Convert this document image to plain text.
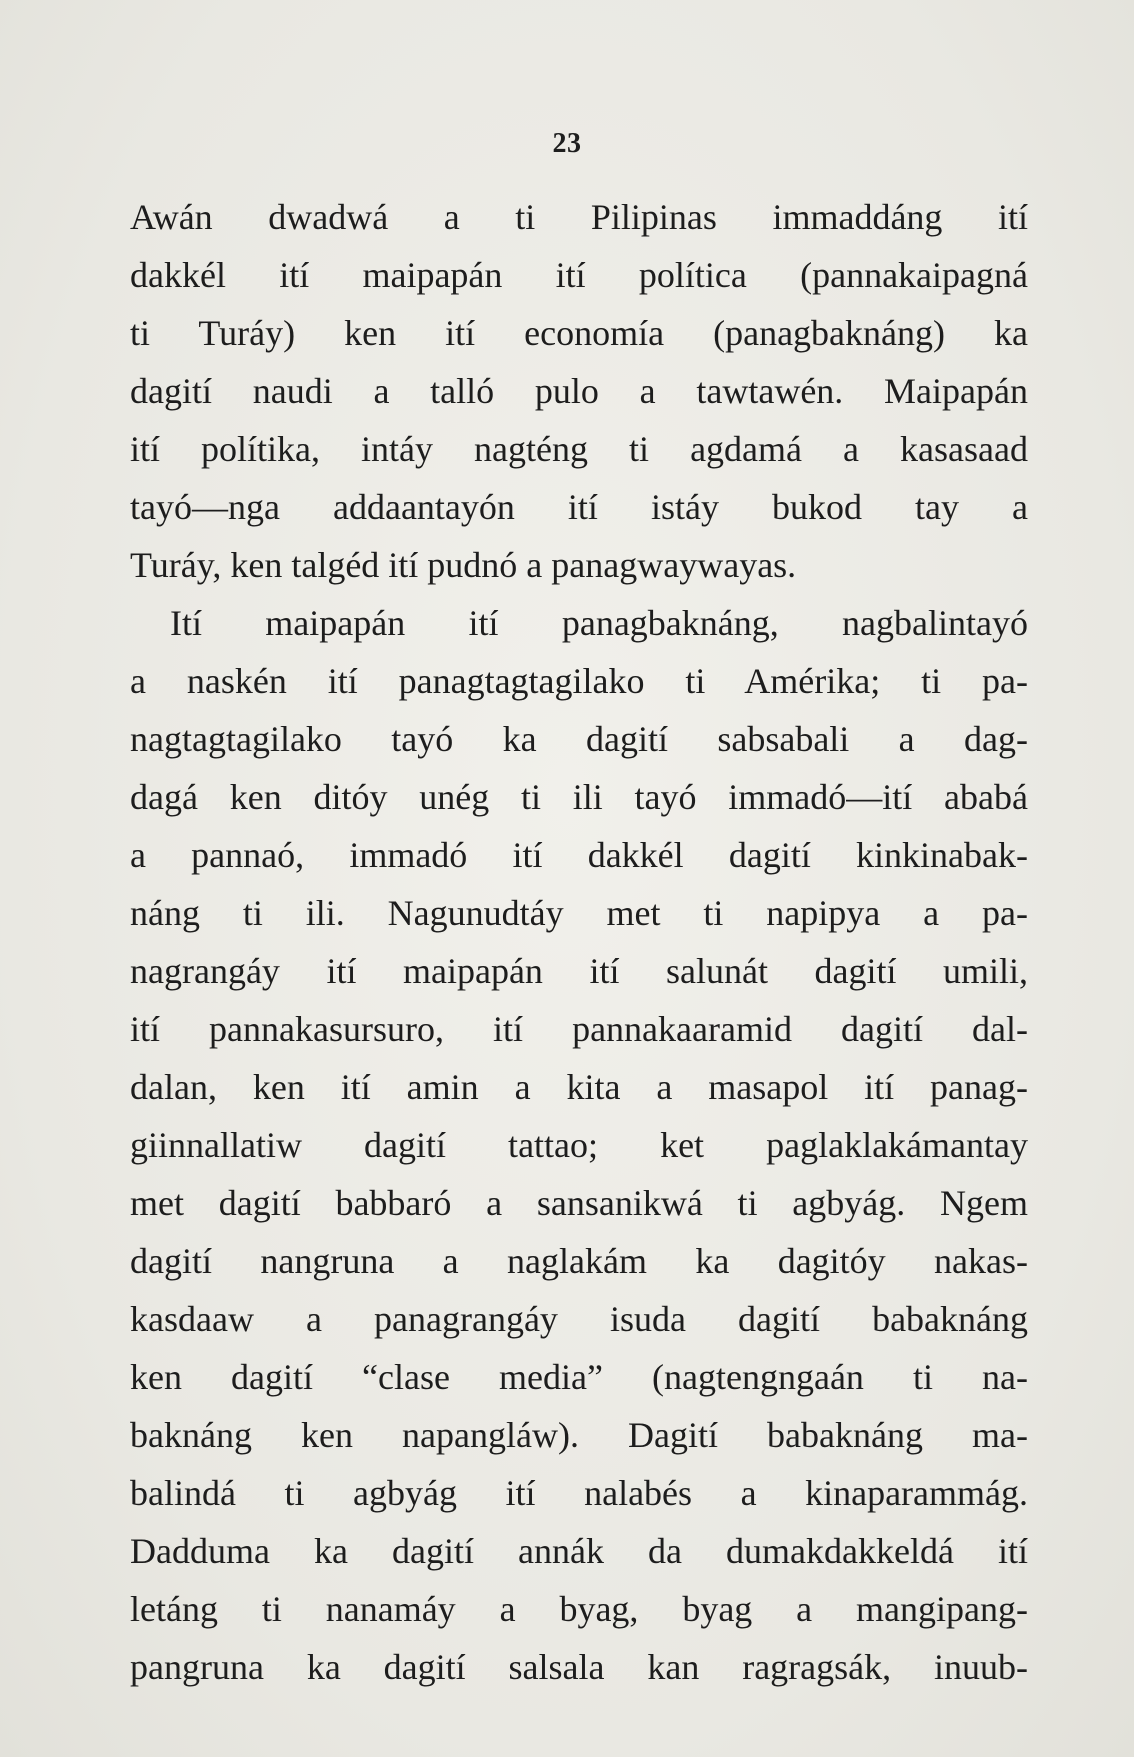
23
Awán dwadwá a ti Pilipinas immaddáng ití
dakkél ití maipapán ití política (pannakaipagná
ti Turáy) ken ití economía (panagbaknáng) ka
dagití naudi a talló pulo a tawtawén. Maipapán
ití polítika, intáy nagténg ti agdamá a kasasaad
tayó—nga addaantayón ití istáy bukod tay a
Turáy, ken talgéd ití pudnó a panagwaywayas.
Ití maipapán ití panagbaknáng, nagbalintayó
a naskén ití panagtagtagilako ti Amérika; ti pa-
nagtagtagilako tayó ka dagití sabsabali a dag-
dagá ken ditóy unég ti ili tayó immadó—ití ababá
a pannaó, immadó ití dakkél dagití kinkinabak-
náng ti ili. Nagunudtáy met ti napipya a pa-
nagrangáy ití maipapán ití salunát dagití umili,
ití pannakasursuro, ití pannakaaramid dagití dal-
dalan, ken ití amin a kita a masapol ití panag-
giinnallatiw dagití tattao; ket paglaklakámantay
met dagití babbaró a sansanikwá ti agbyág. Ngem
dagití nangruna a naglakám ka dagitóy nakas-
kasdaaw a panagrangáy isuda dagití babaknáng
ken dagití “clase media” (nagtengngaán ti na-
baknáng ken napangláw). Dagití babaknáng ma-
balindá ti agbyág ití nalabés a kinaparammág.
Dadduma ka dagití annák da dumakdakkeldá ití
letáng ti nanamáy a byag, byag a mangipang-
pangruna ka dagití salsala kan ragragsák, inuub-
